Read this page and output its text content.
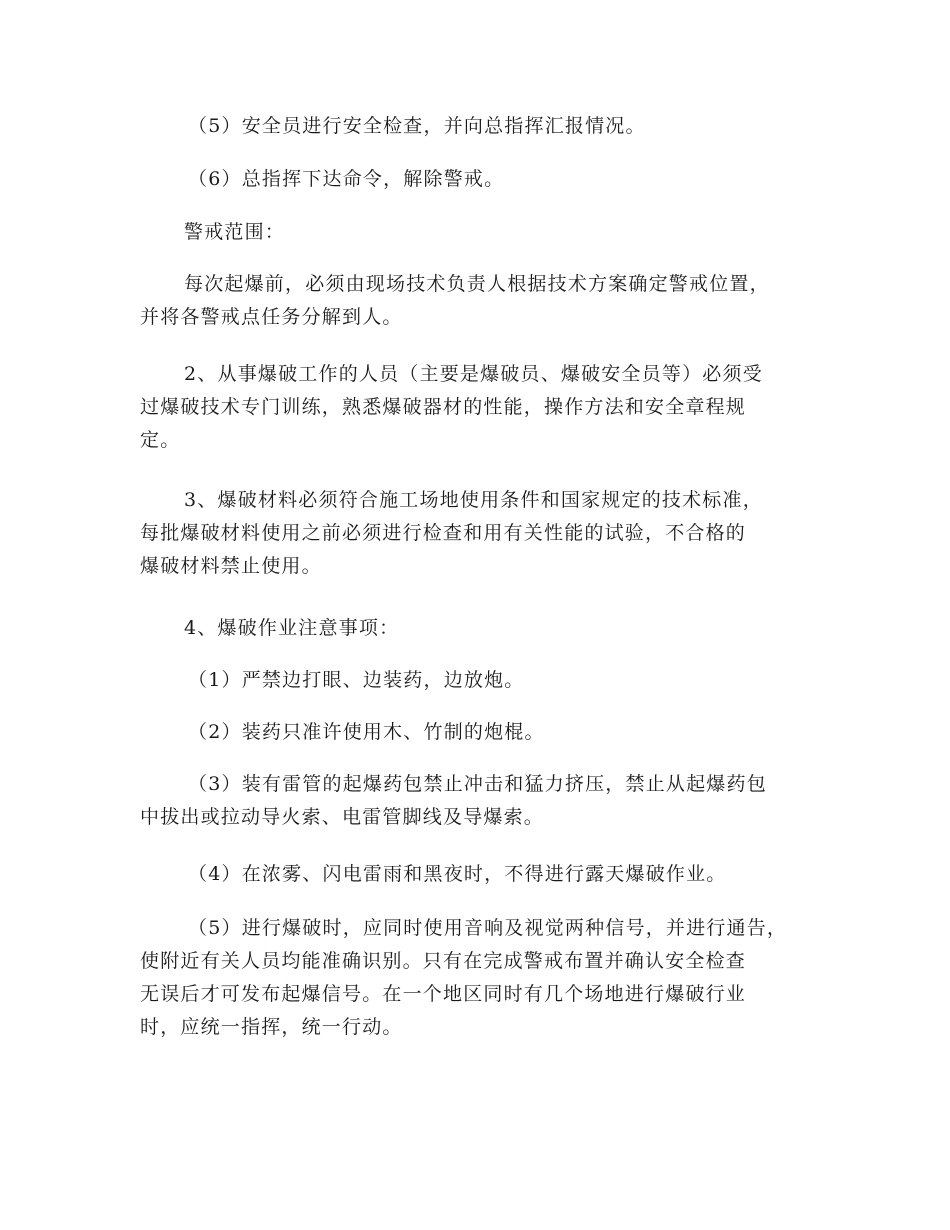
（5）安全员进行安全检查，并向总指挥汇报情况。
（6）总指挥下达命令，解除警戒。
警戒范围：
每次起爆前，必须由现场技术负责人根据技术方案确定警戒位置，
并将各警戒点任务分解到人。
2、从事爆破工作的人员（主要是爆破员、爆破安全员等）必须受
过爆破技术专门训练，熟悉爆破器材的性能，操作方法和安全章程规
定。
3、爆破材料必须符合施工场地使用条件和国家规定的技术标准，
每批爆破材料使用之前必须进行检查和用有关性能的试验，不合格的
爆破材料禁止使用。
4、爆破作业注意事项：
（1）严禁边打眼、边装药，边放炮。
（2）装药只准许使用木、竹制的炮棍。
（3）装有雷管的起爆药包禁止冲击和猛力挤压，禁止从起爆药包
中拔出或拉动导火索、电雷管脚线及导爆索。
（4）在浓雾、闪电雷雨和黑夜时，不得进行露天爆破作业。
（5）进行爆破时，应同时使用音响及视觉两种信号，并进行通告，
使附近有关人员均能准确识别。只有在完成警戒布置并确认安全检查
无误后才可发布起爆信号。在一个地区同时有几个场地进行爆破行业
时，应统一指挥，统一行动。
